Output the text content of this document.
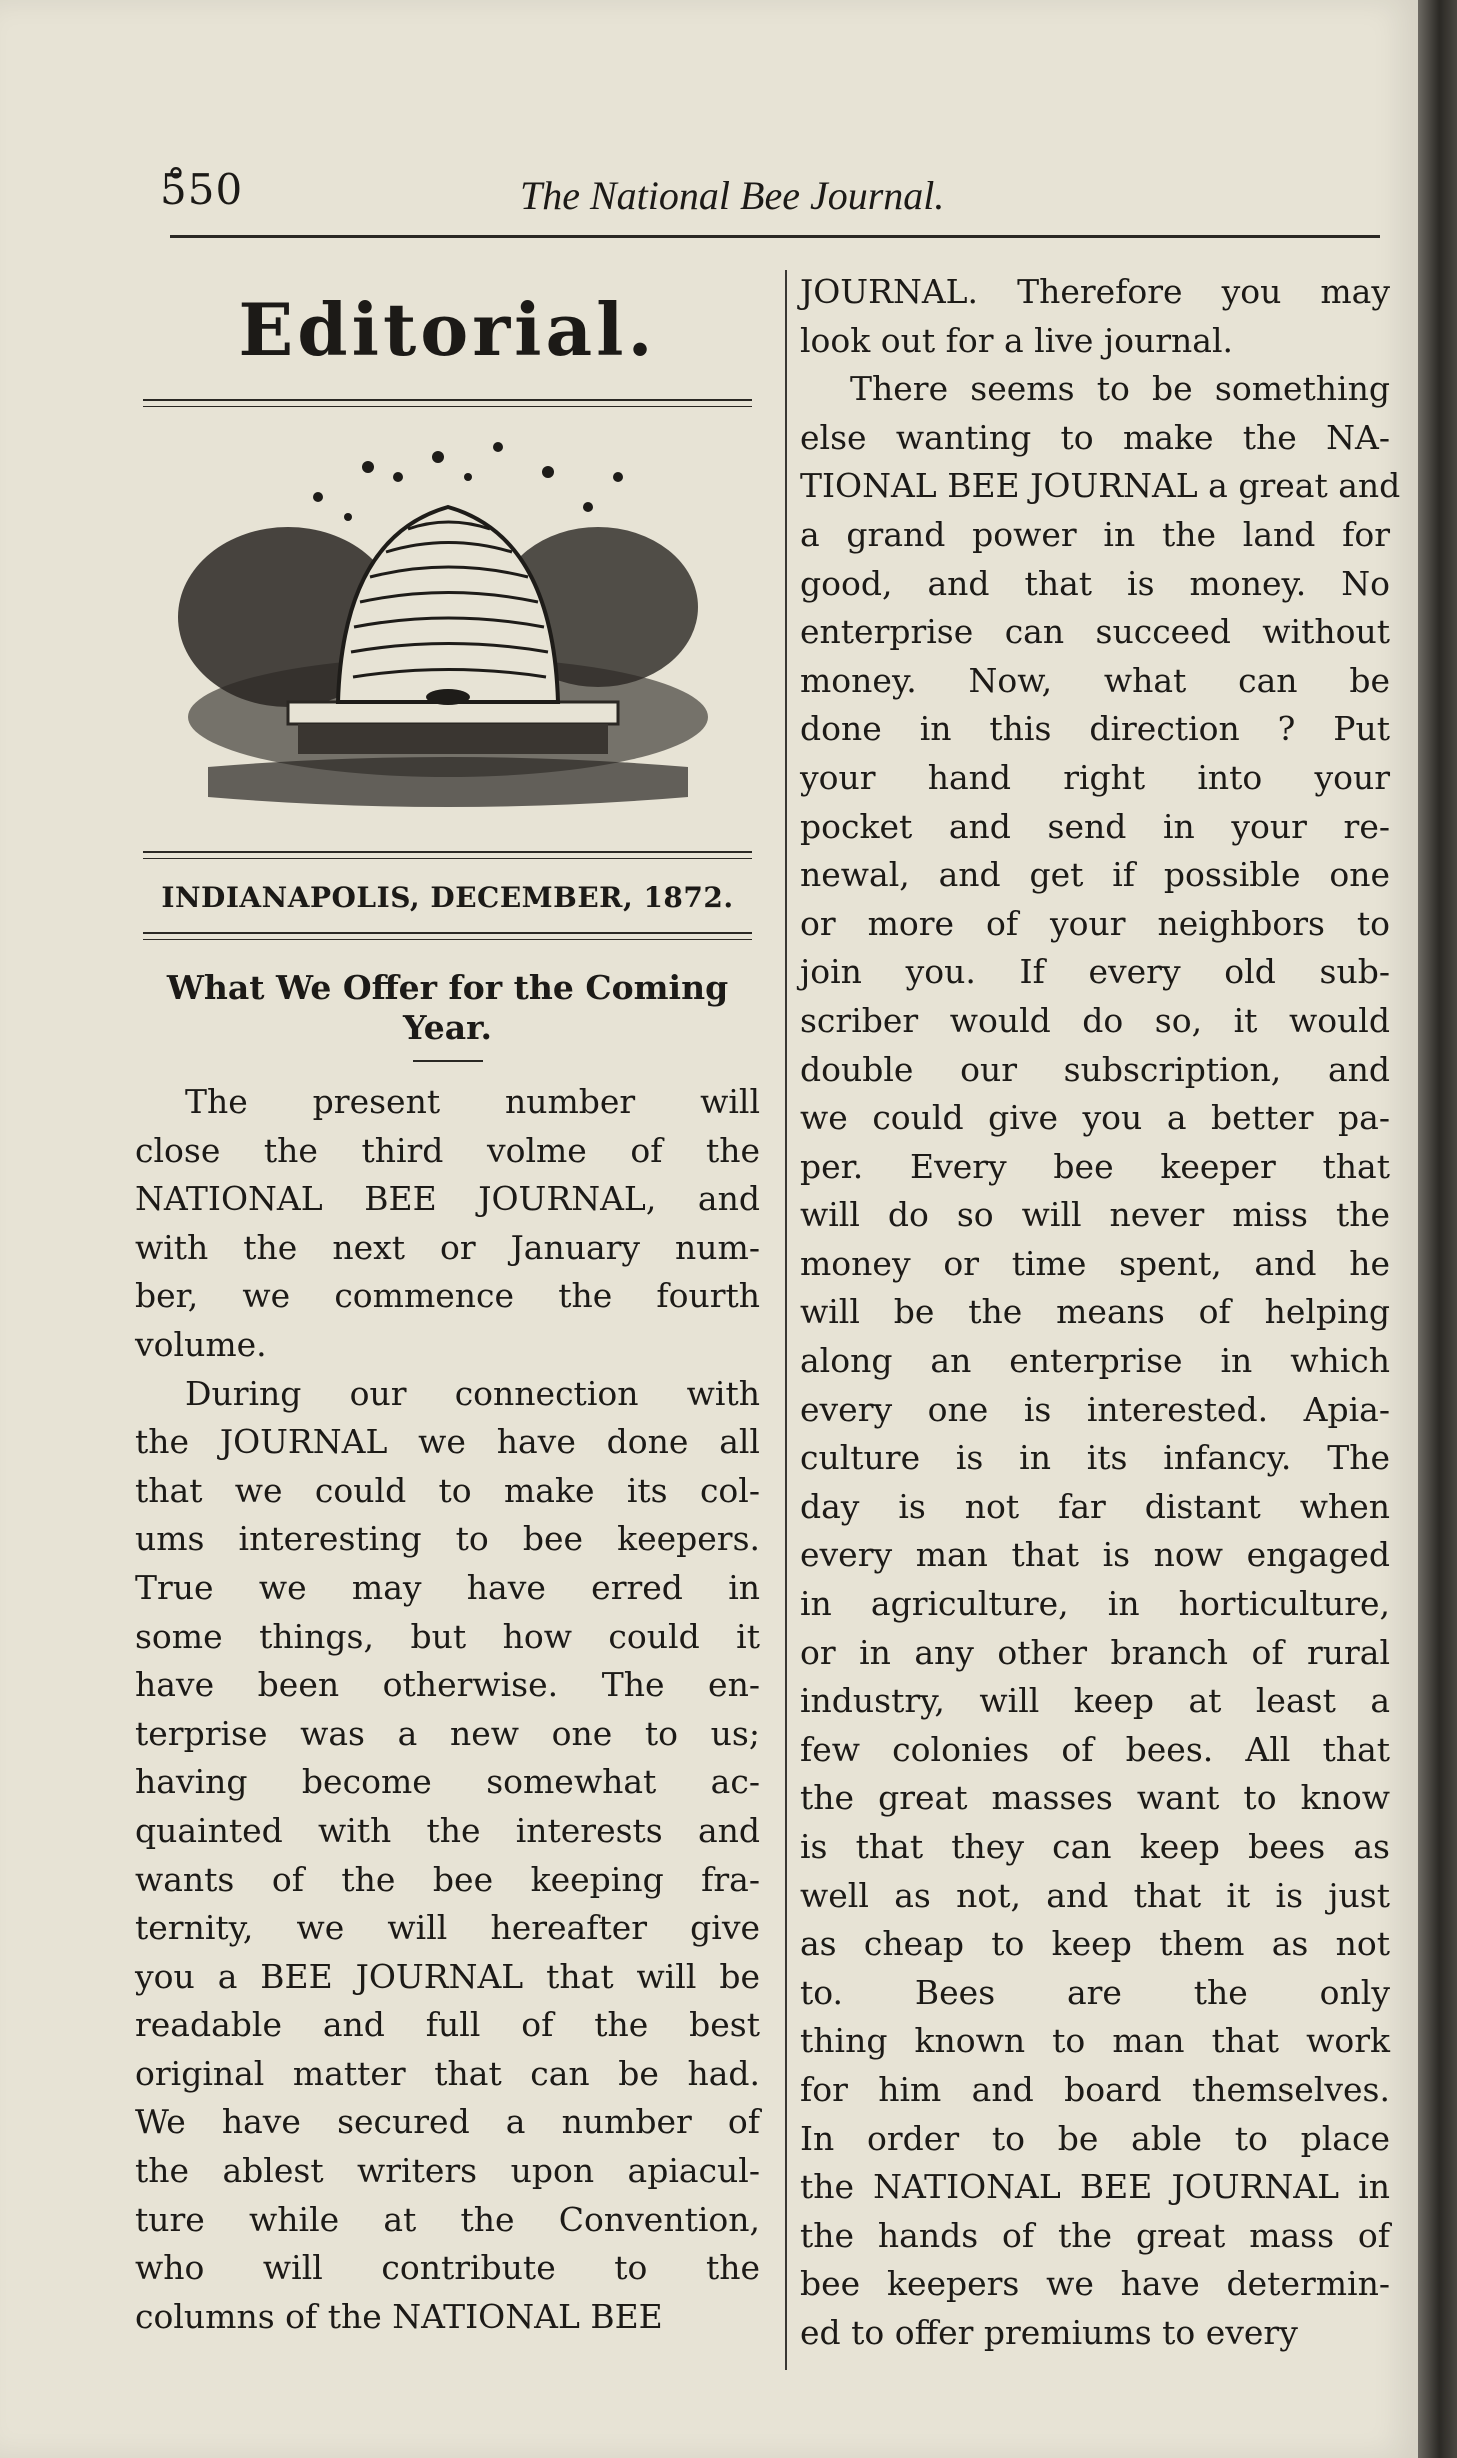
5̊50	The National Bee Journal.
Editorial.
INDIANAPOLIS, DECEMBER, 1872.
What We Offer for the Coming
Year.
The present number will
close the third volme of the
NATIONAL BEE JOURNAL, and
with the next or January num-
ber, we commence the fourth
volume.
During our connection with
the JOURNAL we have done all
that we could to make its col-
ums interesting to bee keepers.
True we may have erred in
some things, but how could it
have been otherwise. The en-
terprise was a new one to us;
having become somewhat ac-
quainted with the interests and
wants of the bee keeping fra-
ternity, we will hereafter give
you a BEE JOURNAL that will be
readable and full of the best
original matter that can be had.
We have secured a number of
the ablest writers upon apiacul-
ture while at the Convention,
who will contribute to the
columns of the NATIONAL BEE
JOURNAL. Therefore you may
look out for a live journal.
There seems to be something
else wanting to make the NA-
TIONAL BEE JOURNAL a great and
a grand power in the land for
good, and that is money. No
enterprise can succeed without
money. Now, what can be
done in this direction ? Put
your hand right into your
pocket and send in your re-
newal, and get if possible one
or more of your neighbors to
join you. If every old sub-
scriber would do so, it would
double our subscription, and
we could give you a better pa-
per. Every bee keeper that
will do so will never miss the
money or time spent, and he
will be the means of helping
along an enterprise in which
every one is interested. Apia-
culture is in its infancy. The
day is not far distant when
every man that is now engaged
in agriculture, in horticulture,
or in any other branch of rural
industry, will keep at least a
few colonies of bees. All that
the great masses want to know
is that they can keep bees as
well as not, and that it is just
as cheap to keep them as not
to. Bees are the only
thing known to man that work
for him and board themselves.
In order to be able to place
the NATIONAL BEE JOURNAL in
the hands of the great mass of
bee keepers we have determin-
ed to offer premiums to every
